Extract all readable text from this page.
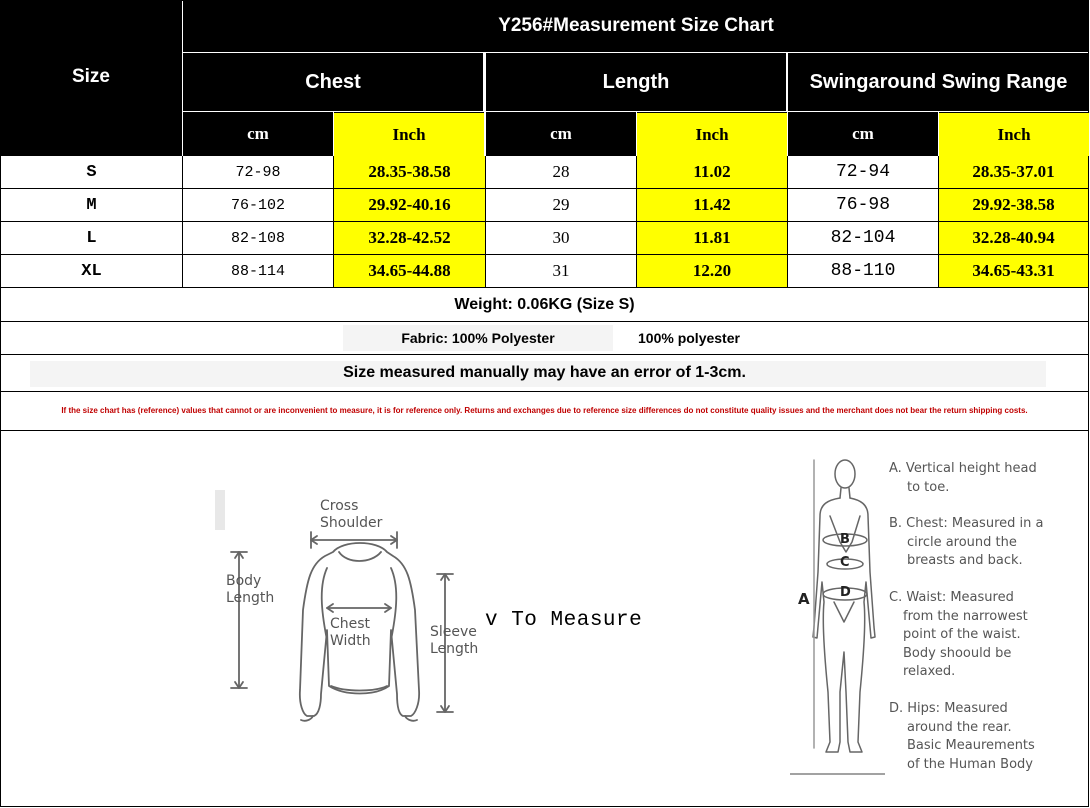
Size
Y256#Measurement Size Chart
Chest	Length	Swingaround Swing Range
cm	Inch	cm	Inch	cm	Inch
S	72-98	28.35-38.58	28	11.02	72-94	28.35-37.01
M	76-102	29.92-40.16	29	11.42	76-98	29.92-38.58
L	82-108	32.28-42.52	30	11.81	82-104	32.28-40.94
XL	88-114	34.65-44.88	31	12.20	88-110	34.65-43.31
Weight: 0.06KG (Size S)
Fabric: 100% Polyester	100% polyester
Size measured manually may have an error of 1-3cm.
If the size chart has (reference) values that cannot or are inconvenient to measure, it is for reference only. Returns and exchanges due to reference size differences do not constitute quality issues and the merchant does not bear the return shipping costs.
Cross
Shoulder
Body
Length
Chest
Width
Sleeve
Length
v To Measure
A
B
C
D
A. Vertical height head
to toe.
B. Chest: Measured in a
circle around the
breasts and back.
C. Waist: Measured
from the narrowest
point of the waist.
Body shoould be
relaxed.
D. Hips: Measured
around the rear.
Basic Meaurements
of the Human Body
